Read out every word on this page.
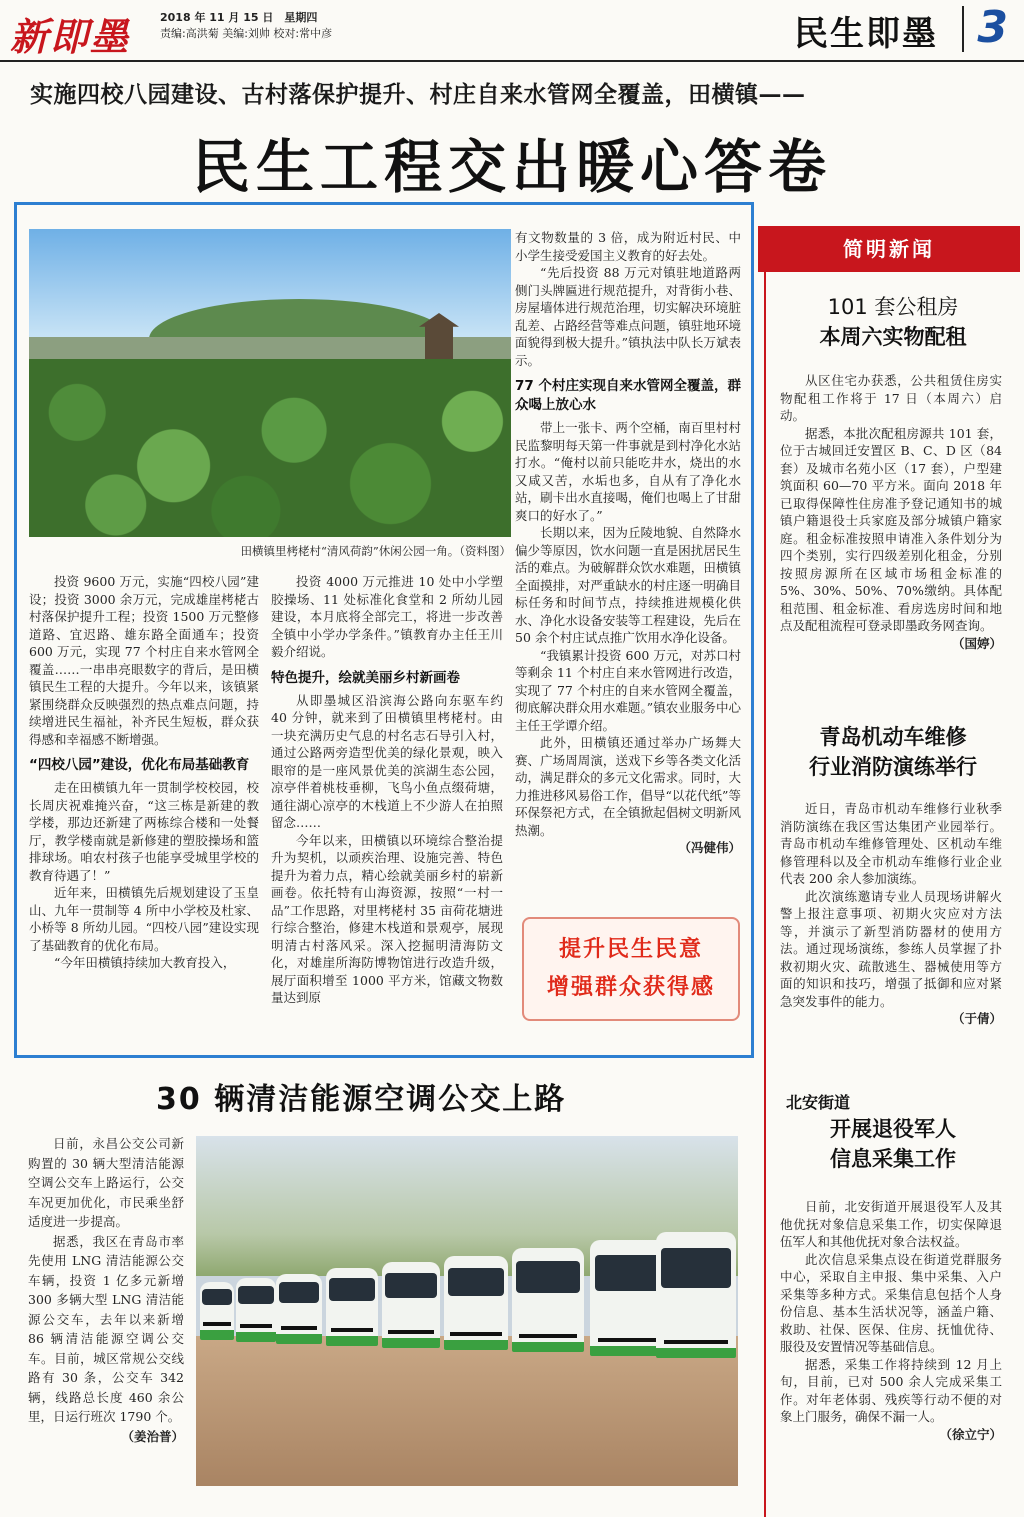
新即墨	2018 年 11 月 15 日　星期四
责编:高洪菊 美编:刘帅 校对:常中彦	民生即墨 3
实施四校八园建设、古村落保护提升、村庄自来水管网全覆盖，田横镇——
民生工程交出暖心答卷
田横镇里栲栳村“清风荷韵”休闲公园一角。（资料图）

投资 9600 万元，实施“四校八园”建设；投资 3000 余万元，完成雄崖栲栳古村落保护提升工程；投资 1500 万元整修道路、宜迟路、雄东路全面通车；投资 600 万元，实现 77 个村庄自来水管网全覆盖……一串串亮眼数字的背后，是田横镇民生工程的大提升。今年以来，该镇紧紧围绕群众反映强烈的热点难点问题，持续增进民生福祉，补齐民生短板，群众获得感和幸福感不断增强。

“四校八园”建设，优化布局基础教育

走在田横镇九年一贯制学校校园，校长周庆祝难掩兴奋，“这三栋是新建的教学楼，那边还新建了两栋综合楼和一处餐厅，教学楼南就是新修建的塑胶操场和篮排球场。咱农村孩子也能享受城里学校的教育待遇了！”

近年来，田横镇先后规划建设了玉皇山、九年一贯制等 4 所中小学校及杜家、小桥等 8 所幼儿园。“四校八园”建设实现了基础教育的优化布局。

“今年田横镇持续加大教育投入，

投资 4000 万元推进 10 处中小学塑胶操场、11 处标准化食堂和 2 所幼儿园建设，本月底将全部完工，将进一步改善全镇中小学办学条件。”镇教育办主任王川毅介绍说。

特色提升，绘就美丽乡村新画卷

从即墨城区沿滨海公路向东驱车约 40 分钟，就来到了田横镇里栲栳村。由一块充满历史气息的村名志石导引入村，通过公路两旁造型优美的绿化景观，映入眼帘的是一座风景优美的滨湖生态公园，凉亭伴着桃枝垂柳，飞鸟小鱼点缀荷塘，通往湖心凉亭的木栈道上不少游人在拍照留念……

今年以来，田横镇以环境综合整治提升为契机，以顽疾治理、设施完善、特色提升为着力点，精心绘就美丽乡村的崭新画卷。依托特有山海资源，按照“一村一品”工作思路，对里栲栳村 35 亩荷花塘进行综合整治，修建木栈道和景观亭，展现明清古村落风采。深入挖掘明清海防文化，对雄崖所海防博物馆进行改造升级，展厅面积增至 1000 平方米，馆藏文物数量达到原

有文物数量的 3 倍，成为附近村民、中小学生接受爱国主义教育的好去处。

“先后投资 88 万元对镇驻地道路两侧门头牌匾进行规范提升，对背街小巷、房屋墙体进行规范治理，切实解决环境脏乱差、占路经营等难点问题，镇驻地环境面貌得到极大提升。”镇执法中队长万斌表示。

77 个村庄实现自来水管网全覆盖，群众喝上放心水

带上一张卡、两个空桶，南百里村村民监黎明每天第一件事就是到村净化水站打水。“俺村以前只能吃井水，烧出的水又咸又苦，水垢也多，自从有了净化水站，刷卡出水直接喝，俺们也喝上了甘甜爽口的好水了。”

长期以来，因为丘陵地貌、自然降水偏少等原因，饮水问题一直是困扰居民生活的难点。为破解群众饮水难题，田横镇全面摸排，对严重缺水的村庄逐一明确目标任务和时间节点，持续推进规模化供水、净化水设备安装等工程建设，先后在 50 余个村庄试点推广饮用水净化设备。

“我镇累计投资 600 万元，对苏口村等剩余 11 个村庄自来水管网进行改造，实现了 77 个村庄的自来水管网全覆盖，彻底解决群众用水难题。”镇农业服务中心主任王学谭介绍。

此外，田横镇还通过举办广场舞大赛、广场周周演，送戏下乡等各类文化活动，满足群众的多元文化需求。同时，大力推进移风易俗工作，倡导“以花代纸”等环保祭祀方式，在全镇掀起倡树文明新风热潮。

（冯健伟）
提升民生民意
增强群众获得感
简明新闻
101 套公租房
本周六实物配租

从区住宅办获悉，公共租赁住房实物配租工作将于 17 日（本周六）启动。

据悉，本批次配租房源共 101 套，位于古城回迁安置区 B、C、D 区（84 套）及城市名苑小区（17 套），户型建筑面积 60—70 平方米。面向 2018 年已取得保障性住房准予登记通知书的城镇户籍退役士兵家庭及部分城镇户籍家庭。租金标准按照申请准入条件划分为四个类别，实行四级差别化租金，分别按照房源所在区域市场租金标准的 5%、30%、50%、70%缴纳。具体配租范围、租金标准、看房选房时间和地点及配租流程可登录即墨政务网查询。

（国婷）
青岛机动车维修
行业消防演练举行

近日，青岛市机动车维修行业秋季消防演练在我区雪达集团产业园举行。青岛市机动车维修管理处、区机动车维修管理科以及全市机动车维修行业企业代表 200 余人参加演练。

此次演练邀请专业人员现场讲解火警上报注意事项、初期火灾应对方法等，并演示了新型消防器材的使用方法。通过现场演练，参练人员掌握了扑救初期火灾、疏散逃生、器械使用等方面的知识和技巧，增强了抵御和应对紧急突发事件的能力。

（于倩）
北安街道
开展退役军人
信息采集工作

日前，北安街道开展退役军人及其他优抚对象信息采集工作，切实保障退伍军人和其他优抚对象合法权益。

此次信息采集点设在街道党群服务中心，采取自主申报、集中采集、入户采集等多种方式。采集信息包括个人身份信息、基本生活状况等，涵盖户籍、救助、社保、医保、住房、抚恤优待、服役及安置情况等基础信息。

据悉，采集工作将持续到 12 月上旬，目前，已对 500 余人完成采集工作。对年老体弱、残疾等行动不便的对象上门服务，确保不漏一人。

（徐立宁）
30 辆清洁能源空调公交上路

日前，永昌公交公司新购置的 30 辆大型清洁能源空调公交车上路运行，公交车况更加优化，市民乘坐舒适度进一步提高。

据悉，我区在青岛市率先使用 LNG 清洁能源公交车辆，投资 1 亿多元新增 300 多辆大型 LNG 清洁能源公交车，去年以来新增 86 辆清洁能源空调公交车。目前，城区常规公交线路有 30 条，公交车 342 辆，线路总长度 460 余公里，日运行班次 1790 个。

（姜治普）
